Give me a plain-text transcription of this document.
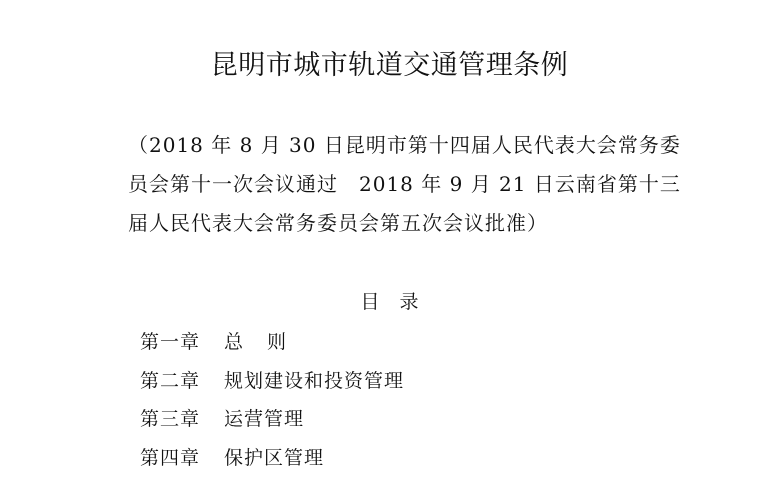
昆明市城市轨道交通管理条例

（2018 年 8 月 30 日昆明市第十四届人民代表大会常务委
员会第十一次会议通过　2018 年 9 月 21 日云南省第十三
届人民代表大会常务委员会第五次会议批准）

目录
第一章 总则
第二章 规划建设和投资管理
第三章 运营管理
第四章 保护区管理
